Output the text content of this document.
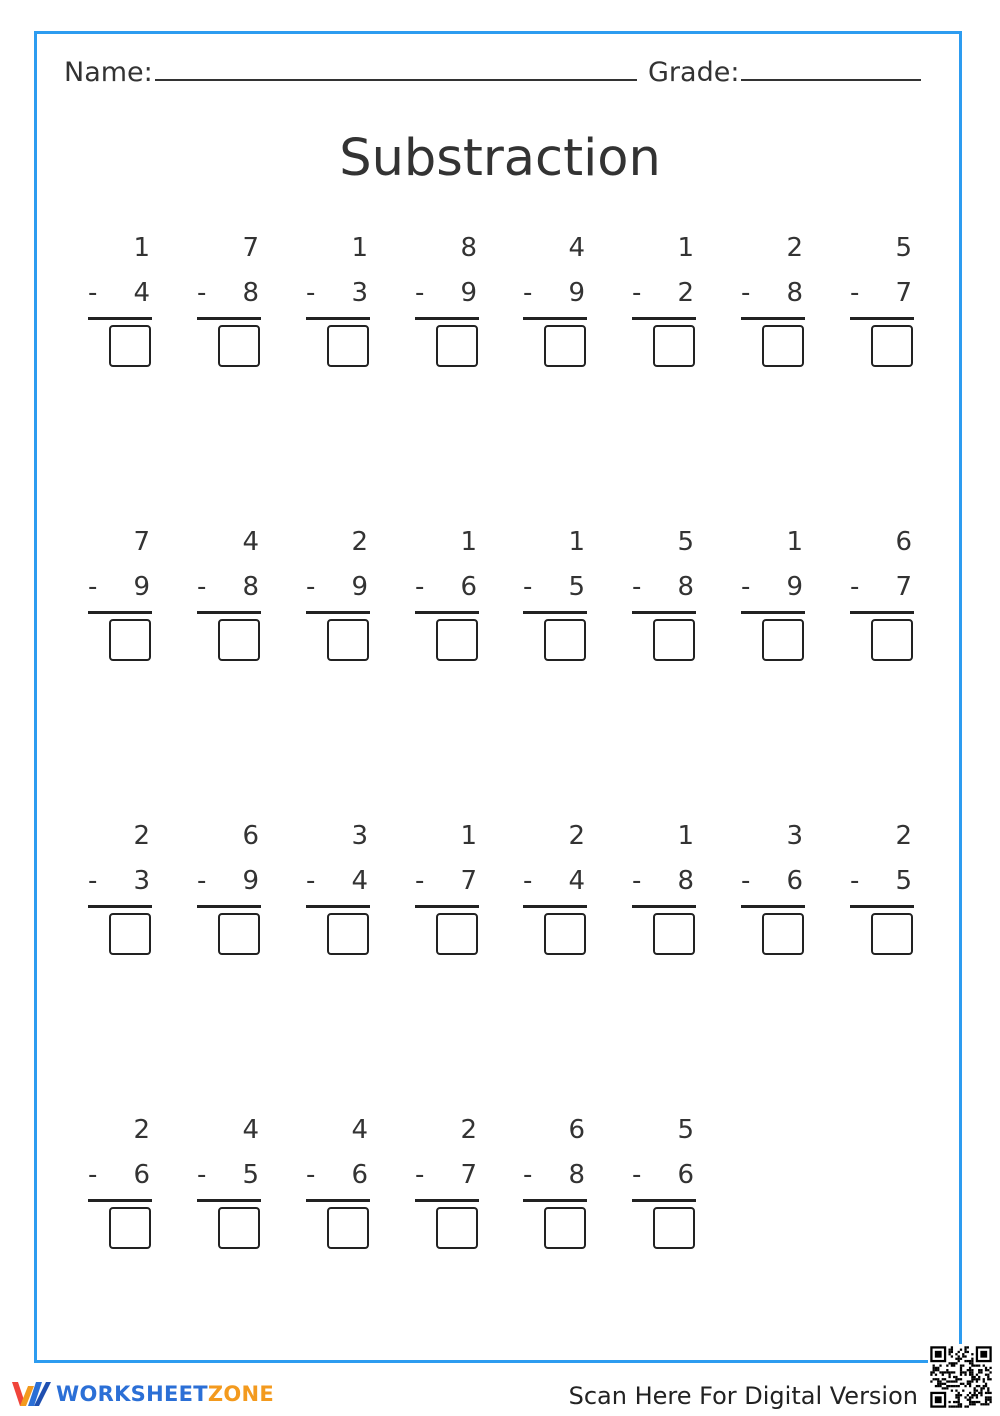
Name:	Grade:
Substraction
1
- 4
7
- 8
1
- 3
8
- 9
4
- 9
1
- 2
2
- 8
5
- 7
7
- 9
4
- 8
2
- 9
1
- 6
1
- 5
5
- 8
1
- 9
6
- 7
2
- 3
6
- 9
3
- 4
1
- 7
2
- 4
1
- 8
3
- 6
2
- 5
2
- 6
4
- 5
4
- 6
2
- 7
6
- 8
5
- 6
WORKSHEETZONE	Scan Here For Digital Version
